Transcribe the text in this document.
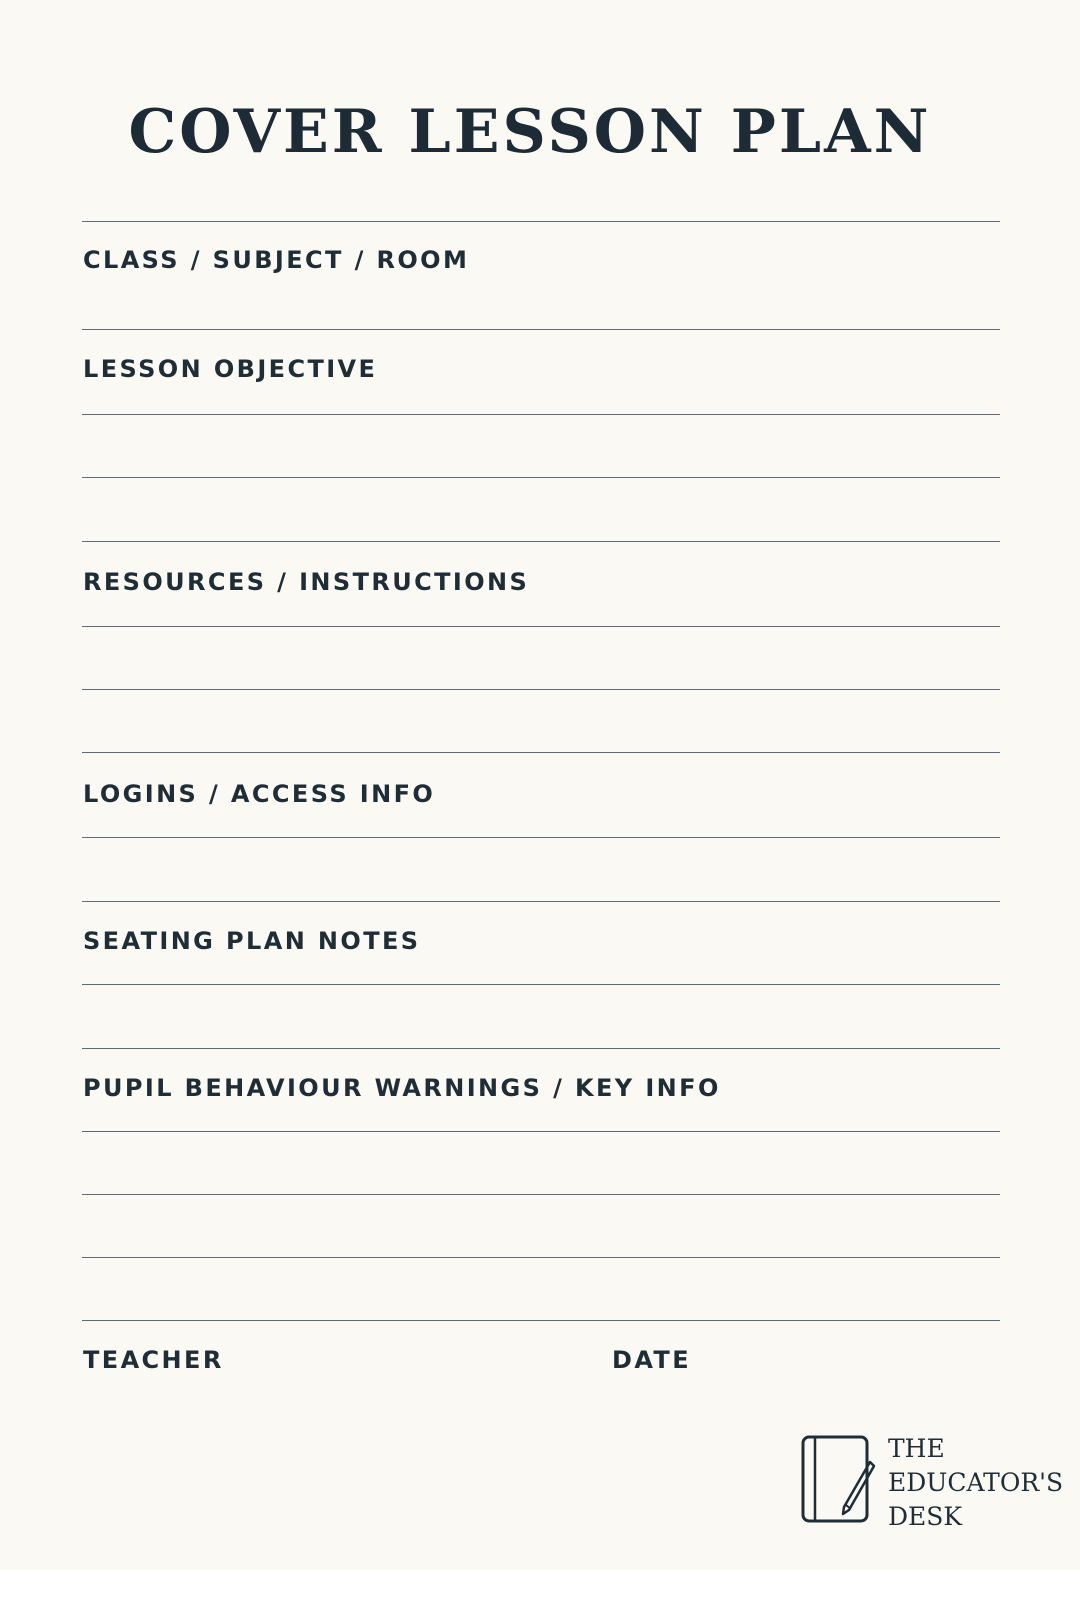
COVER LESSON PLAN
CLASS / SUBJECT / ROOM
LESSON OBJECTIVE
RESOURCES / INSTRUCTIONS
LOGINS / ACCESS INFO
SEATING PLAN NOTES
PUPIL BEHAVIOUR WARNINGS / KEY INFO
TEACHER	DATE
THE
EDUCATOR'S
DESK
